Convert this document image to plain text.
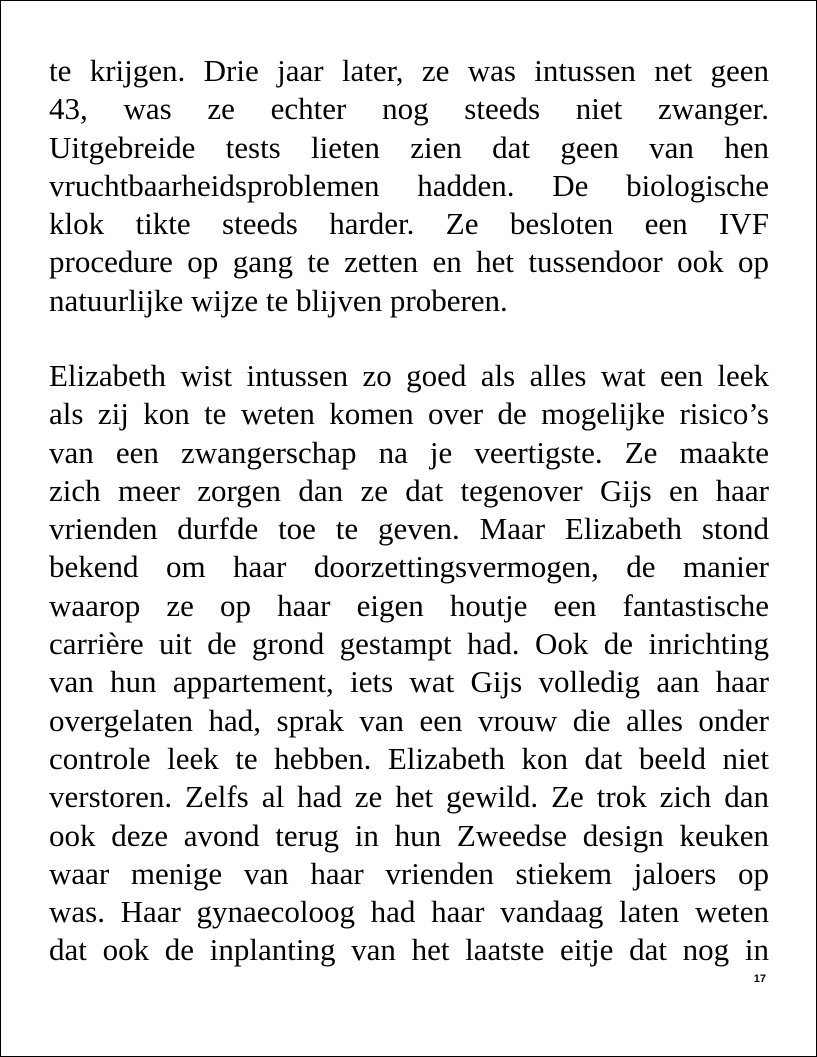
te krijgen. Drie jaar later, ze was intussen net geen
43, was ze echter nog steeds niet zwanger.
Uitgebreide tests lieten zien dat geen van hen
vruchtbaarheidsproblemen hadden. De biologische
klok tikte steeds harder. Ze besloten een IVF
procedure op gang te zetten en het tussendoor ook op
natuurlijke wijze te blijven proberen.
Elizabeth wist intussen zo goed als alles wat een leek
als zij kon te weten komen over de mogelijke risico’s
van een zwangerschap na je veertigste. Ze maakte
zich meer zorgen dan ze dat tegenover Gijs en haar
vrienden durfde toe te geven. Maar Elizabeth stond
bekend om haar doorzettingsvermogen, de manier
waarop ze op haar eigen houtje een fantastische
carrière uit de grond gestampt had. Ook de inrichting
van hun appartement, iets wat Gijs volledig aan haar
overgelaten had, sprak van een vrouw die alles onder
controle leek te hebben. Elizabeth kon dat beeld niet
verstoren. Zelfs al had ze het gewild. Ze trok zich dan
ook deze avond terug in hun Zweedse design keuken
waar menige van haar vrienden stiekem jaloers op
was. Haar gynaecoloog had haar vandaag laten weten
dat ook de inplanting van het laatste eitje dat nog in
17
